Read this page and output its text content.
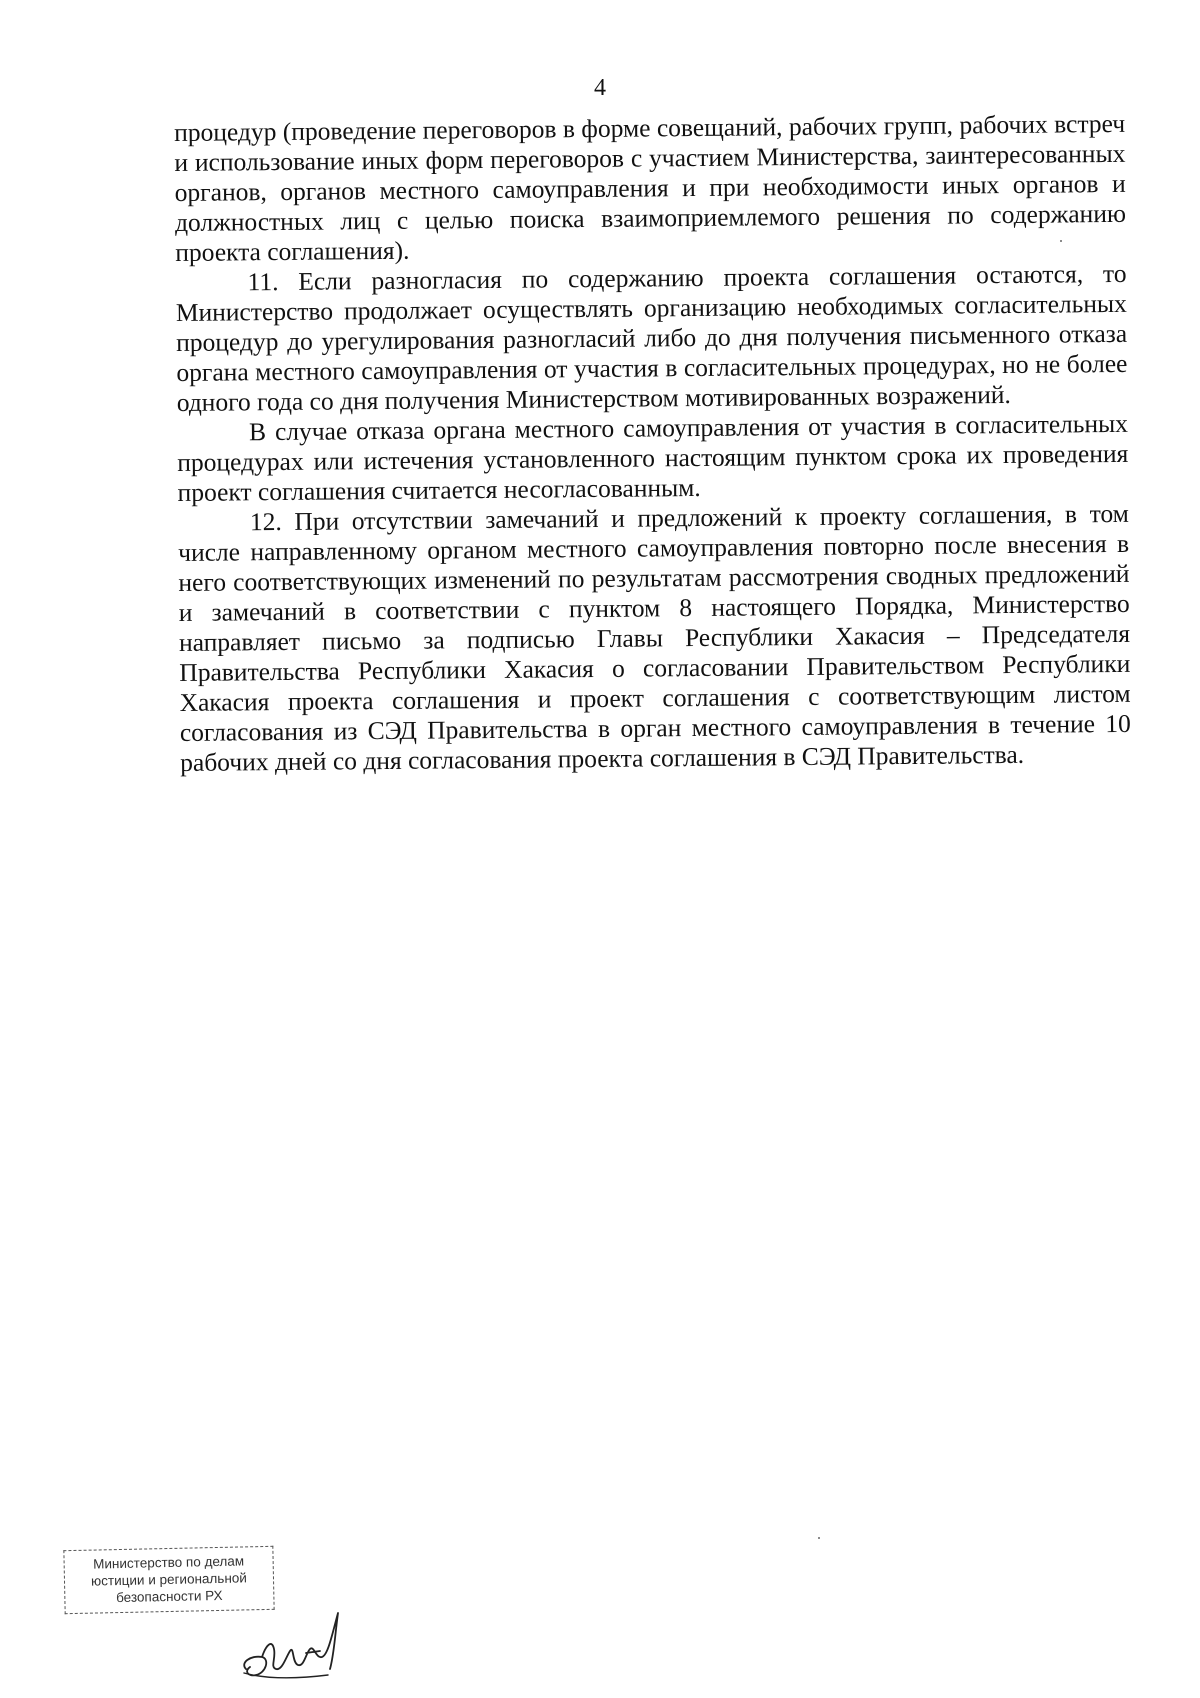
4

процедур (проведение переговоров в форме совещаний, рабочих групп, рабочих встреч и использование иных форм переговоров с участием Министерства, заинтересованных органов, органов местного самоуправления и при необходимости иных органов и должностных лиц с целью поиска взаимоприемлемого решения по содержанию проекта соглашения).

11. Если разногласия по содержанию проекта соглашения остаются, то Министерство продолжает осуществлять организацию необходимых согласительных процедур до урегулирования разногласий либо до дня получения письменного отказа органа местного самоуправления от участия в согласительных процедурах, но не более одного года со дня получения Министерством мотивированных возражений.

В случае отказа органа местного самоуправления от участия в согласительных процедурах или истечения установленного настоящим пунктом срока их проведения проект соглашения считается несогласованным.

12. При отсутствии замечаний и предложений к проекту соглашения, в том числе направленному органом местного самоуправления повторно после внесения в него соответствующих изменений по результатам рассмотрения сводных предложений и замечаний в соответствии с пунктом 8 настоящего Порядка, Министерство направляет письмо за подписью Главы Республики Хакасия – Председателя Правительства Республики Хакасия о согласовании Правительством Республики Хакасия проекта соглашения и проект соглашения с соответствующим листом согласования из СЭД Правительства в орган местного самоуправления в течение 10 рабочих дней со дня согласования проекта соглашения в СЭД Правительства.

Министерство по делам
юстиции и региональной
безопасности РХ
